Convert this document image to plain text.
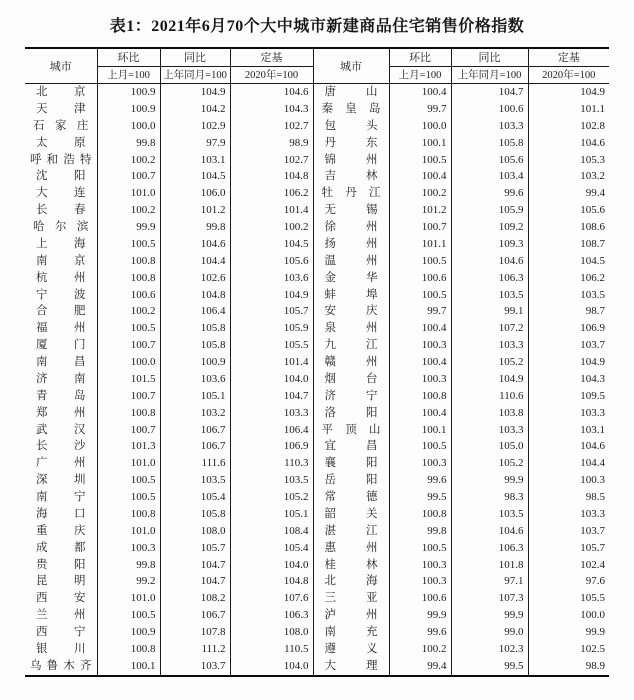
表1：2021年6月70个大中城市新建商品住宅销售价格指数
城市	环比	同比	定基	城市	环比	同比	定基
	上月=100	上年同月=100	2020年=100		上月=100	上年同月=100	2020年=100

北 京	100.9	104.9	104.6	唐 山	100.4	104.7	104.9

天 津	100.9	104.2	104.3	秦 皇 岛	99.7	100.6	101.1

石 家 庄	100.0	102.9	102.7	包 头	100.0	103.3	102.8

太 原	99.8	97.9	98.9	丹 东	100.1	105.8	104.6

呼 和 浩 特	100.2	103.1	102.7	锦 州	100.5	105.6	105.3

沈 阳	100.7	104.5	104.8	吉 林	100.4	103.4	103.2

大 连	101.0	106.0	106.2	牡 丹 江	100.2	99.6	99.4

长 春	100.2	101.2	101.4	无 锡	101.2	105.9	105.6

哈 尔 滨	99.9	99.8	100.2	徐 州	100.7	109.2	108.6

上 海	100.5	104.6	104.5	扬 州	101.1	109.3	108.7

南 京	100.8	104.4	105.6	温 州	100.5	104.6	104.5

杭 州	100.8	102.6	103.6	金 华	100.6	106.3	106.2

宁 波	100.6	104.8	104.9	蚌 埠	100.5	103.5	103.5

合 肥	100.2	106.4	105.7	安 庆	99.7	99.1	98.7

福 州	100.5	105.8	105.9	泉 州	100.4	107.2	106.9

厦 门	100.7	105.8	105.5	九 江	100.3	103.3	103.7

南 昌	100.0	100.9	101.4	赣 州	100.4	105.2	104.9

济 南	101.5	103.6	104.0	烟 台	100.3	104.9	104.3

青 岛	100.7	105.1	104.7	济 宁	100.8	110.6	109.5

郑 州	100.8	103.2	103.3	洛 阳	100.4	103.8	103.3

武 汉	100.7	106.7	106.4	平 顶 山	100.1	103.3	103.1

长 沙	101.3	106.7	106.9	宜 昌	100.5	105.0	104.6

广 州	101.0	111.6	110.3	襄 阳	100.3	105.2	104.4

深 圳	100.5	103.5	103.5	岳 阳	99.6	99.9	100.3

南 宁	100.5	105.4	105.2	常 德	99.5	98.3	98.5

海 口	100.8	105.8	105.1	韶 关	100.8	103.5	103.3

重 庆	101.0	108.0	108.4	湛 江	99.8	104.6	103.7

成 都	100.3	105.7	105.4	惠 州	100.5	106.3	105.7

贵 阳	99.8	104.7	104.0	桂 林	100.3	101.8	102.4

昆 明	99.2	104.7	104.8	北 海	100.3	97.1	97.6

西 安	101.0	108.2	107.6	三 亚	100.6	107.3	105.5

兰 州	100.5	106.7	106.3	泸 州	99.9	99.9	100.0

西 宁	100.9	107.8	108.0	南 充	99.6	99.0	99.9

银 川	100.8	111.2	110.5	遵 义	100.2	102.3	102.5

乌 鲁 木 齐	100.1	103.7	104.0	大 理	99.4	99.5	98.9
